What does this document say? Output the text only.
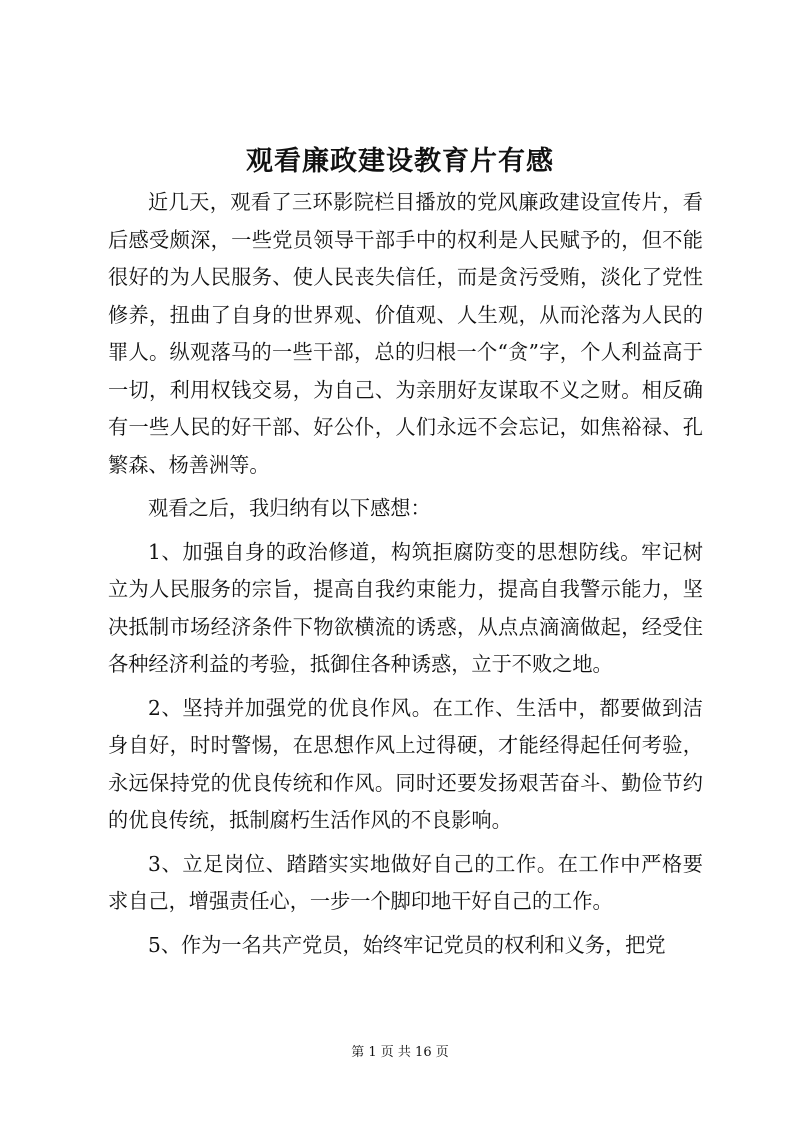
观看廉政建设教育片有感

近几天，观看了三环影院栏目播放的党风廉政建设宣传片，看后感受颇深，一些党员领导干部手中的权利是人民赋予的，但不能很好的为人民服务、使人民丧失信任，而是贪污受贿，淡化了党性修养，扭曲了自身的世界观、价值观、人生观，从而沦落为人民的罪人。纵观落马的一些干部，总的归根一个“贪”字，个人利益高于一切，利用权钱交易，为自己、为亲朋好友谋取不义之财。相反确有一些人民的好干部、好公仆，人们永远不会忘记，如焦裕禄、孔繁森、杨善洲等。

观看之后，我归纳有以下感想：

1、加强自身的政治修道，构筑拒腐防变的思想防线。牢记树立为人民服务的宗旨，提高自我约束能力，提高自我警示能力，坚决抵制市场经济条件下物欲横流的诱惑，从点点滴滴做起，经受住各种经济利益的考验，抵御住各种诱惑，立于不败之地。

2、坚持并加强党的优良作风。在工作、生活中，都要做到洁身自好，时时警惕，在思想作风上过得硬，才能经得起任何考验，永远保持党的优良传统和作风。同时还要发扬艰苦奋斗、勤俭节约的优良传统，抵制腐朽生活作风的不良影响。

3、立足岗位、踏踏实实地做好自己的工作。在工作中严格要求自己，增强责任心，一步一个脚印地干好自己的工作。

5、作为一名共产党员，始终牢记党员的权利和义务，把党

第 1 页 共 16 页
